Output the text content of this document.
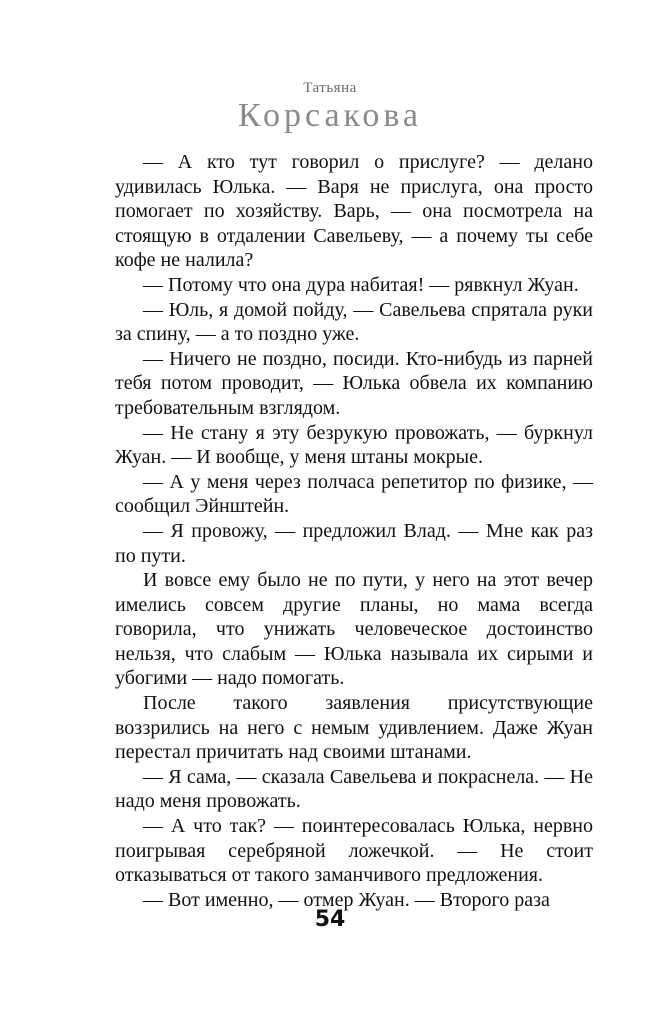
Татьяна
Корсакова

— А кто тут говорил о прислуге? — делано удивилась Юлька. — Варя не прислуга, она просто помогает по хозяйству. Варь, — она посмотрела на стоящую в отдалении Савельеву, — а почему ты себе кофе не налила?

— Потому что она дура набитая! — рявкнул Жуан.

— Юль, я домой пойду, — Савельева спрятала руки за спину, — а то поздно уже.

— Ничего не поздно, посиди. Кто-нибудь из парней тебя потом проводит, — Юлька обвела их компанию требовательным взглядом.

— Не стану я эту безрукую провожать, — буркнул Жуан. — И вообще, у меня штаны мокрые.

— А у меня через полчаса репетитор по физике, — сообщил Эйнштейн.

— Я провожу, — предложил Влад. — Мне как раз по пути.

И вовсе ему было не по пути, у него на этот вечер имелись совсем другие планы, но мама всегда говорила, что унижать человеческое достоинство нельзя, что слабым — Юлька называла их сирыми и убогими — надо помогать.

После такого заявления присутствующие воззрились на него с немым удивлением. Даже Жуан перестал причитать над своими штанами.

— Я сама, — сказала Савельева и покраснела. — Не надо меня провожать.

— А что так? — поинтересовалась Юлька, нервно поигрывая серебряной ложечкой. — Не стоит отказываться от такого заманчивого предложения.

— Вот именно, — отмер Жуан. — Второго раза

54
